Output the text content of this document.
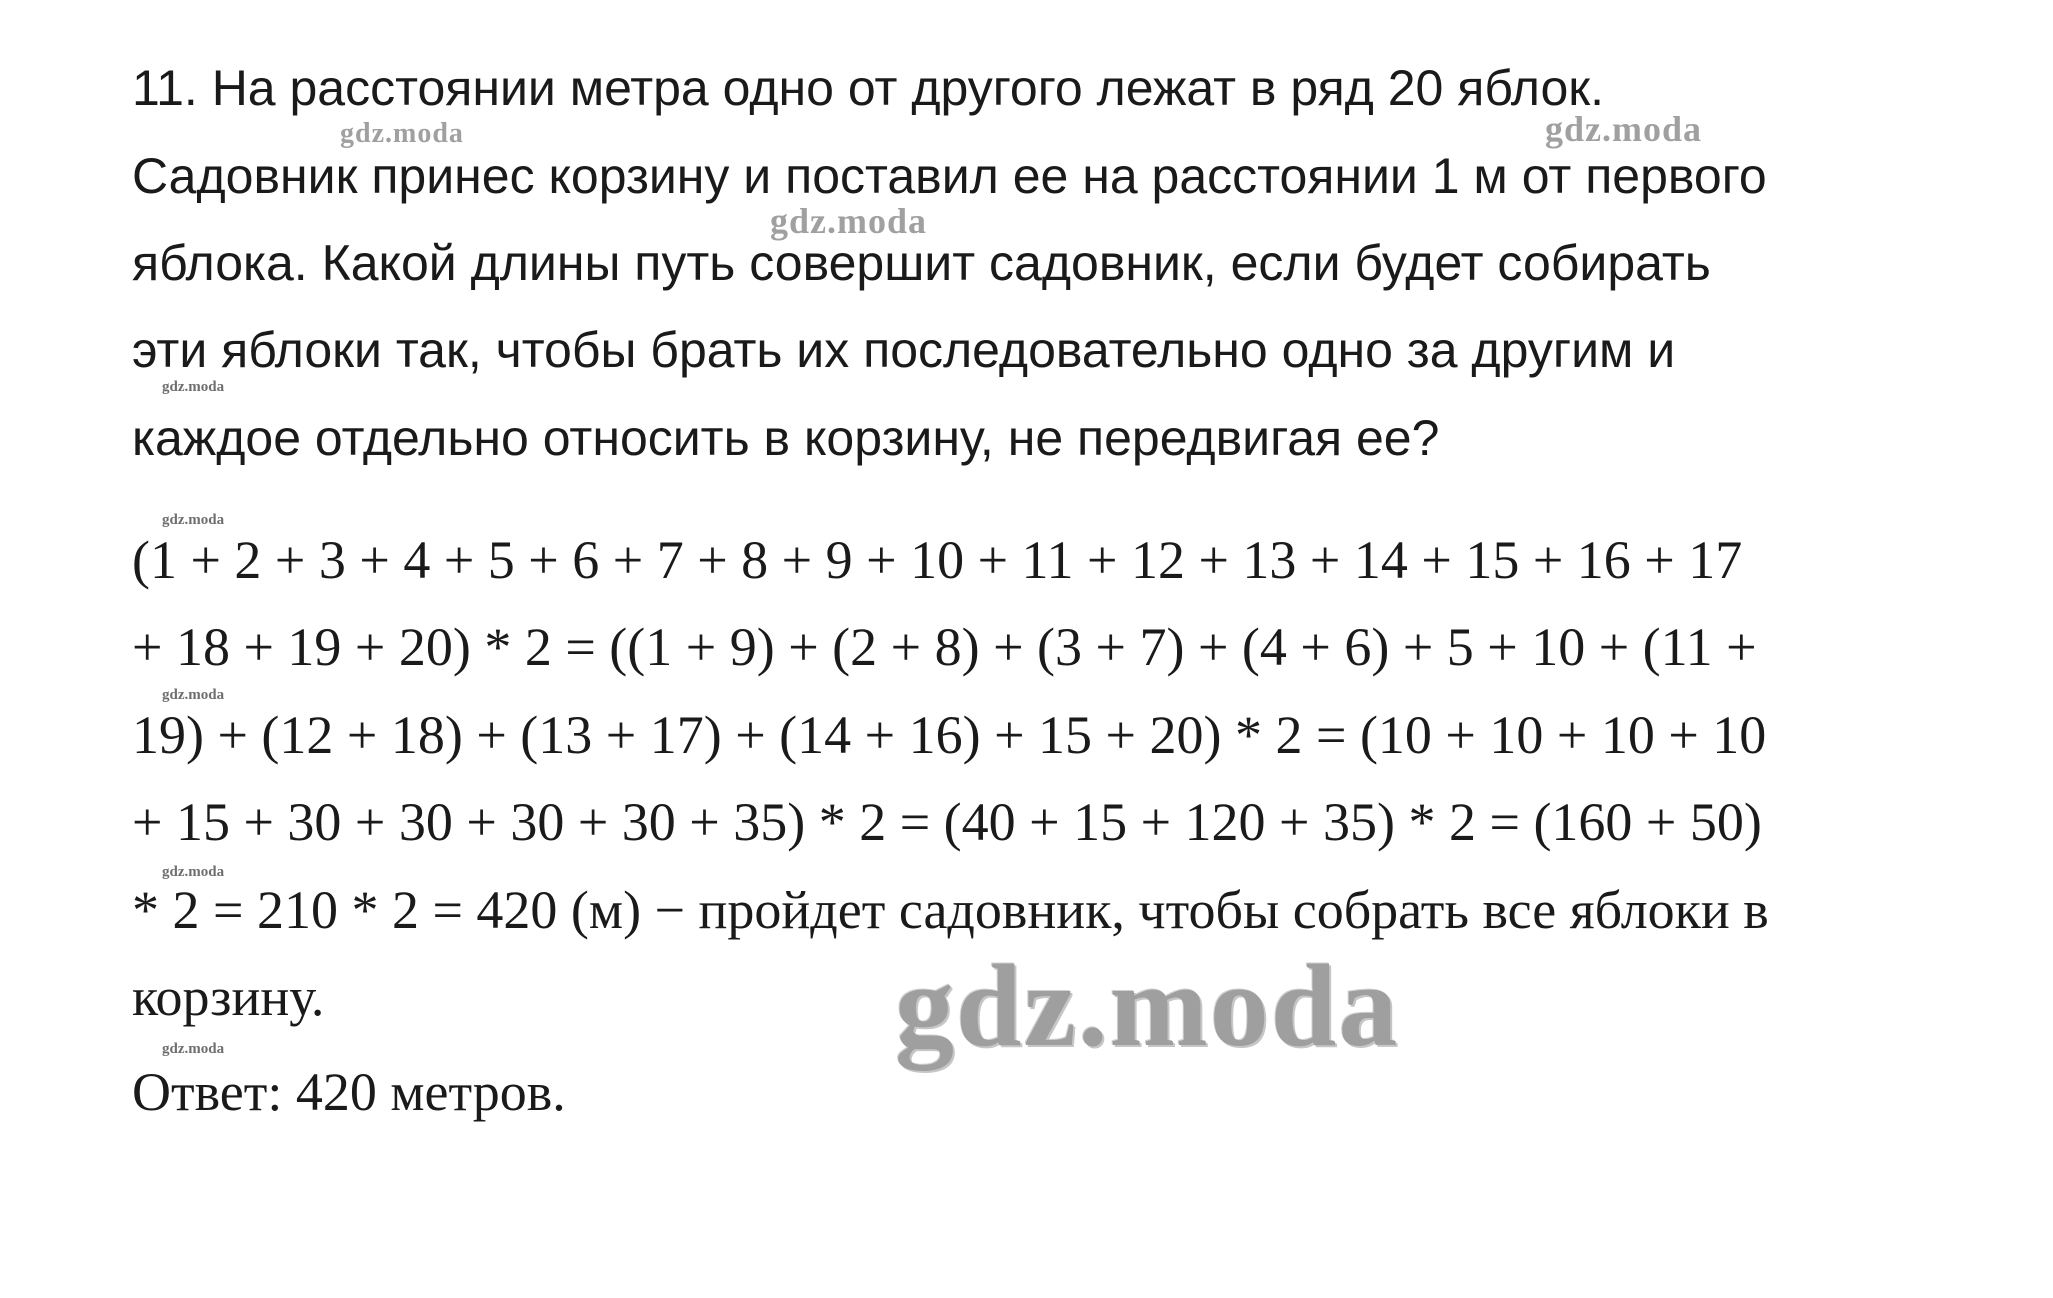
11. На расстоянии метра одно от другого лежат в ряд 20 яблок.

Садовник принес корзину и поставил ее на расстоянии 1 м от первого

яблока. Какой длины путь совершит садовник, если будет собирать

эти яблоки так, чтобы брать их последовательно одно за другим и

каждое отдельно относить в корзину, не передвигая ее?

(1 + 2 + 3 + 4 + 5 + 6 + 7 + 8 + 9 + 10 + 11 + 12 + 13 + 14 + 15 + 16 + 17

+ 18 + 19 + 20) * 2 = ((1 + 9) + (2 + 8) + (3 + 7) + (4 + 6) + 5 + 10 + (11 +

19) + (12 + 18) + (13 + 17) + (14 + 16) + 15 + 20) * 2 = (10 + 10 + 10 + 10

+ 15 + 30 + 30 + 30 + 30 + 35) * 2 = (40 + 15 + 120 + 35) * 2 = (160 + 50)

* 2 = 210 * 2 = 420 (м) − пройдет садовник, чтобы собрать все яблоки в

корзину.

Ответ: 420 метров.

gdz.moda	gdz.moda
gdz.moda
gdz.moda
gdz.moda
gdz.moda
gdz.moda
gdz.moda	gdz.moda
